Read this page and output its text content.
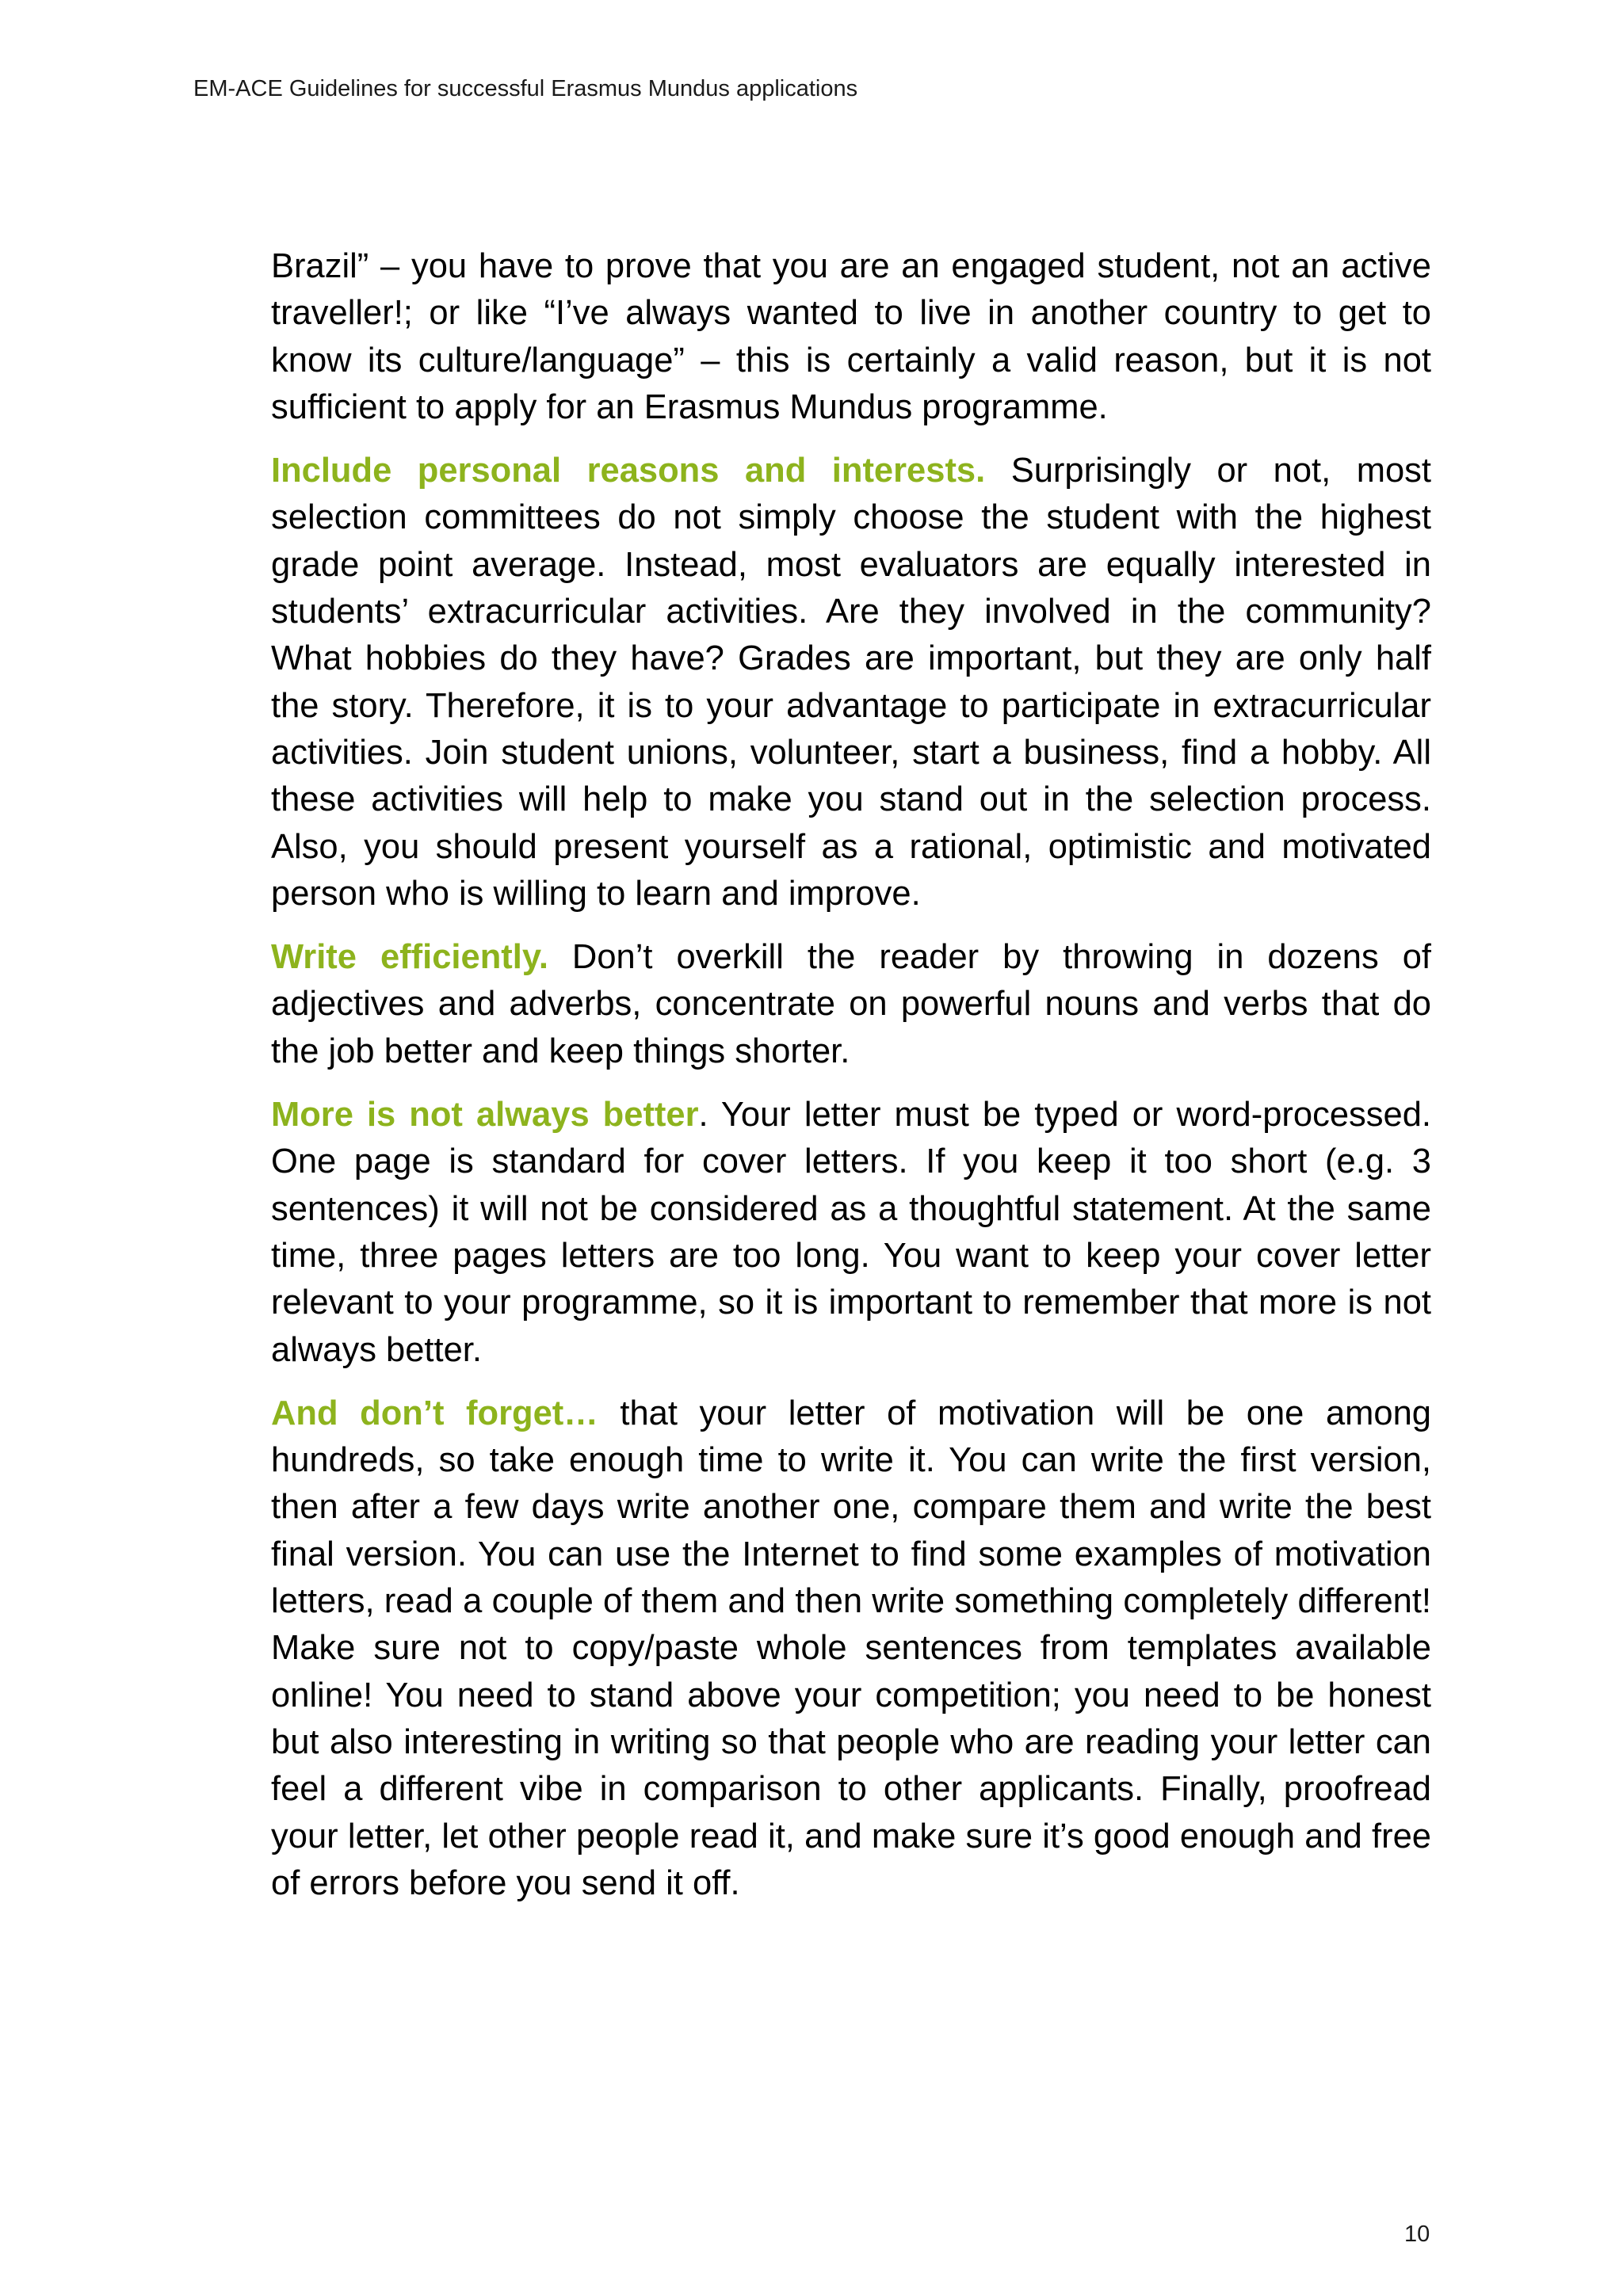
EM-ACE Guidelines for successful Erasmus Mundus applications

Brazil” – you have to prove that you are an engaged student, not an active traveller!; or like “I’ve always wanted to live in another country to get to know its culture/language” – this is certainly a valid reason, but it is not sufficient to apply for an Erasmus Mundus programme.

Include personal reasons and interests. Surprisingly or not, most selection committees do not simply choose the student with the highest grade point average. Instead, most evaluators are equally interested in students’ extracurricular activities. Are they involved in the community? What hobbies do they have? Grades are important, but they are only half the story. Therefore, it is to your advantage to participate in extracurricular activities. Join student unions, volunteer, start a business, find a hobby. All these activities will help to make you stand out in the selection process. Also, you should present yourself as a rational, optimistic and motivated person who is willing to learn and improve.

Write efficiently. Don’t overkill the reader by throwing in dozens of adjectives and adverbs, concentrate on powerful nouns and verbs that do the job better and keep things shorter.

More is not always better. Your letter must be typed or word-processed. One page is standard for cover letters. If you keep it too short (e.g. 3 sentences) it will not be considered as a thoughtful statement. At the same time, three pages letters are too long. You want to keep your cover letter relevant to your programme, so it is important to remember that more is not always better.

And don’t forget… that your letter of motivation will be one among hundreds, so take enough time to write it. You can write the first version, then after a few days write another one, compare them and write the best final version. You can use the Internet to find some examples of motivation letters, read a couple of them and then write something completely different! Make sure not to copy/paste whole sentences from templates available online! You need to stand above your competition; you need to be honest but also interesting in writing so that people who are reading your letter can feel a different vibe in comparison to other applicants. Finally, proofread your letter, let other people read it, and make sure it’s good enough and free of errors before you send it off.

10
